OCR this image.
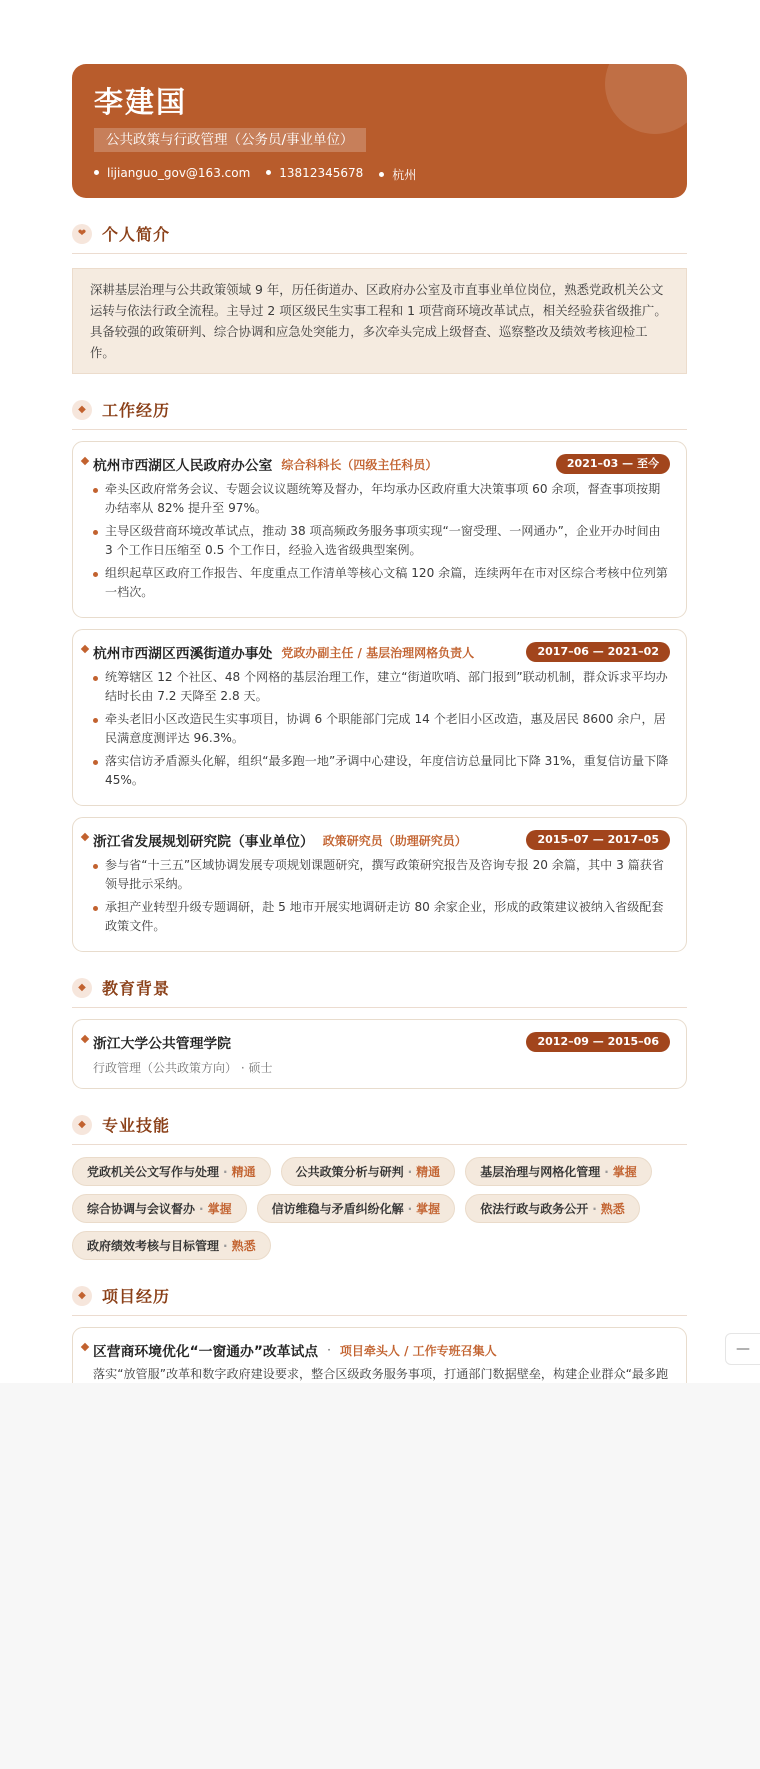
李建国
公共政策与行政管理（公务员/事业单位）
lijianguo_gov@163.com	13812345678	杭州
❤ 个人简介
深耕基层治理与公共政策领域 9 年，历任街道办、区政府办公室及市直事业单位岗位，熟悉党政机关公文运转与依法行政全流程。主导过 2 项区级民生实事工程和 1 项营商环境改革试点，相关经验获省级推广。具备较强的政策研判、综合协调和应急处突能力，多次牵头完成上级督查、巡察整改及绩效考核迎检工作。
◆	工作经历
杭州市西湖区人民政府办公室 综合科科长（四级主任科员）	2021–03 — 至今
牵头区政府常务会议、专题会议议题统筹及督办，年均承办区政府重大决策事项 60 余项，督查事项按期办结率从 82% 提升至 97%。
主导区级营商环境改革试点，推动 38 项高频政务服务事项实现“一窗受理、一网通办”，企业开办时间由 3 个工作日压缩至 0.5 个工作日，经验入选省级典型案例。
组织起草区政府工作报告、年度重点工作清单等核心文稿 120 余篇，连续两年在市对区综合考核中位列第一档次。
杭州市西湖区西溪街道办事处 党政办副主任 / 基层治理网格负责人	2017–06 — 2021–02
统筹辖区 12 个社区、48 个网格的基层治理工作，建立“街道吹哨、部门报到”联动机制，群众诉求平均办结时长由 7.2 天降至 2.8 天。
牵头老旧小区改造民生实事项目，协调 6 个职能部门完成 14 个老旧小区改造，惠及居民 8600 余户，居民满意度测评达 96.3%。
落实信访矛盾源头化解，组织“最多跑一地”矛调中心建设，年度信访总量同比下降 31%，重复信访量下降 45%。
浙江省发展规划研究院（事业单位） 政策研究员（助理研究员）	2015–07 — 2017–05
参与省“十三五”区域协调发展专项规划课题研究，撰写政策研究报告及咨询专报 20 余篇，其中 3 篇获省领导批示采纳。
承担产业转型升级专题调研，赴 5 地市开展实地调研走访 80 余家企业，形成的政策建议被纳入省级配套政策文件。
◆	教育背景
浙江大学公共管理学院	2012–09 — 2015–06
行政管理（公共政策方向） · 硕士
◆	专业技能
党政机关公文写作与处理 · 精通	公共政策分析与研判 · 精通	基层治理与网格化管理 · 掌握
综合协调与会议督办 · 掌握	信访维稳与矛盾纠纷化解 · 掌握	依法行政与政务公开 · 熟悉
政府绩效考核与目标管理 · 熟悉
◆	项目经历
区营商环境优化“一窗通办”改革试点 · 项目牵头人 / 工作专班召集人
落实“放管服”改革和数字政府建设要求，整合区级政务服务事项，打通部门数据壁垒，构建企业群众“最多跑
—
